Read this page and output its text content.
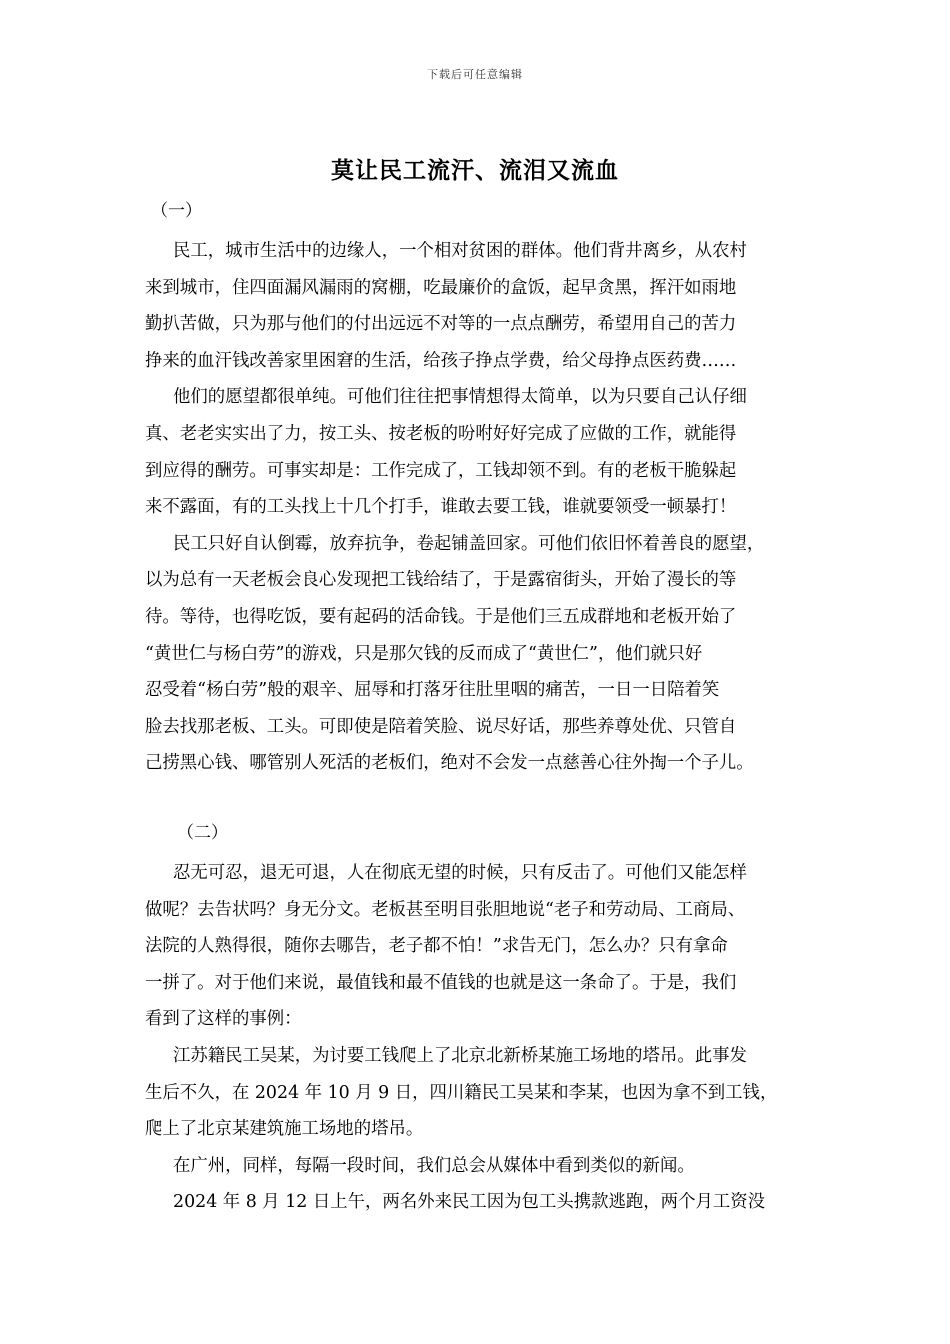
下载后可任意编辑
莫让民工流汗、流泪又流血
（一）
民工，城市生活中的边缘人，一个相对贫困的群体。他们背井离乡，从农村
来到城市，住四面漏风漏雨的窝棚，吃最廉价的盒饭，起早贪黑，挥汗如雨地
勤扒苦做，只为那与他们的付出远远不对等的一点点酬劳，希望用自己的苦力
挣来的血汗钱改善家里困窘的生活，给孩子挣点学费，给父母挣点医药费……
他们的愿望都很单纯。可他们往往把事情想得太简单，以为只要自己认仔细
真、老老实实出了力，按工头、按老板的吩咐好好完成了应做的工作，就能得
到应得的酬劳。可事实却是：工作完成了，工钱却领不到。有的老板干脆躲起
来不露面，有的工头找上十几个打手，谁敢去要工钱，谁就要领受一顿暴打！
民工只好自认倒霉，放弃抗争，卷起铺盖回家。可他们依旧怀着善良的愿望，
以为总有一天老板会良心发现把工钱给结了，于是露宿街头，开始了漫长的等
待。等待，也得吃饭，要有起码的活命钱。于是他们三五成群地和老板开始了
“黄世仁与杨白劳”的游戏，只是那欠钱的反而成了“黄世仁”，他们就只好
忍受着“杨白劳”般的艰辛、屈辱和打落牙往肚里咽的痛苦，一日一日陪着笑
脸去找那老板、工头。可即使是陪着笑脸、说尽好话，那些养尊处优、只管自
己捞黑心钱、哪管别人死活的老板们，绝对不会发一点慈善心往外掏一个子儿。
（二）
忍无可忍，退无可退，人在彻底无望的时候，只有反击了。可他们又能怎样
做呢？去告状吗？身无分文。老板甚至明目张胆地说“老子和劳动局、工商局、
法院的人熟得很，随你去哪告，老子都不怕！”求告无门，怎么办？只有拿命
一拼了。对于他们来说，最值钱和最不值钱的也就是这一条命了。于是，我们
看到了这样的事例：
江苏籍民工吴某，为讨要工钱爬上了北京北新桥某施工场地的塔吊。此事发
生后不久，在 2024 年 10 月 9 日，四川籍民工吴某和李某，也因为拿不到工钱，
爬上了北京某建筑施工场地的塔吊。
在广州，同样，每隔一段时间，我们总会从媒体中看到类似的新闻。
2024 年 8 月 12 日上午，两名外来民工因为包工头携款逃跑，两个月工资没
